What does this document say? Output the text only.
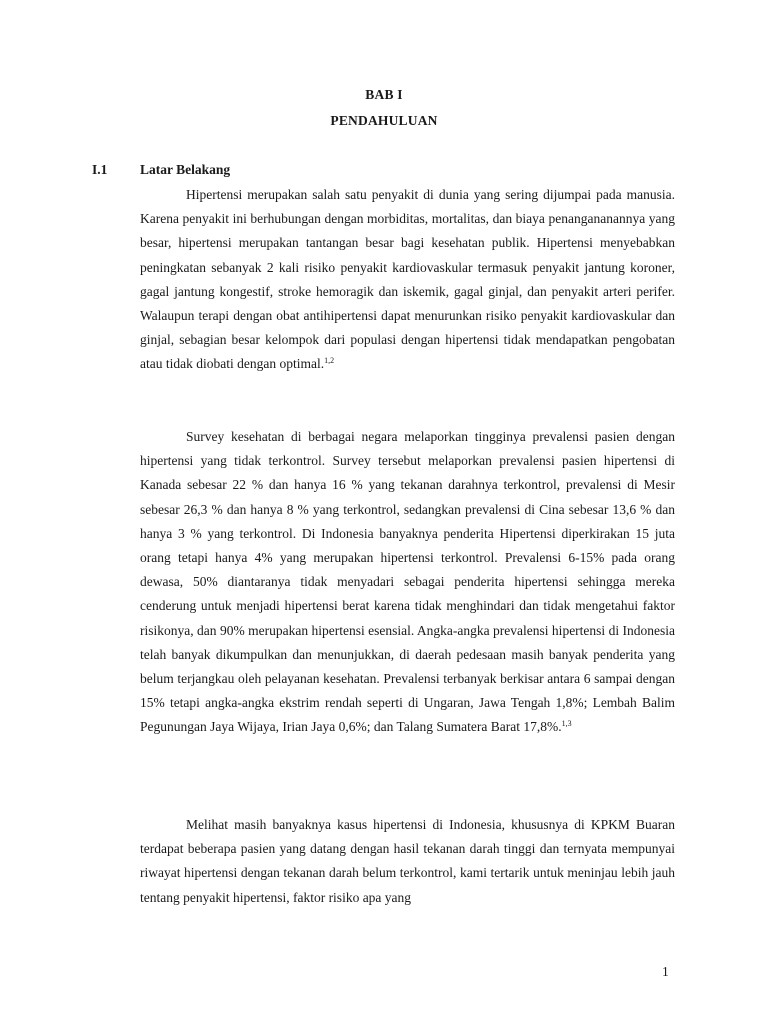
BAB I
PENDAHULUAN
I.1 Latar Belakang

Hipertensi merupakan salah satu penyakit di dunia yang sering dijumpai pada manusia. Karena penyakit ini berhubungan dengan morbiditas, mortalitas, dan biaya penangananannya yang besar, hipertensi merupakan tantangan besar bagi kesehatan publik. Hipertensi menyebabkan peningkatan sebanyak 2 kali risiko penyakit kardiovaskular termasuk penyakit jantung koroner, gagal jantung kongestif, stroke hemoragik dan iskemik, gagal ginjal, dan penyakit arteri perifer. Walaupun terapi dengan obat antihipertensi dapat menurunkan risiko penyakit kardiovaskular dan ginjal, sebagian besar kelompok dari populasi dengan hipertensi tidak mendapatkan pengobatan atau tidak diobati dengan optimal.$^{1,2}$

Survey kesehatan di berbagai negara melaporkan tingginya prevalensi pasien dengan hipertensi yang tidak terkontrol. Survey tersebut melaporkan prevalensi pasien hipertensi di Kanada sebesar 22 % dan hanya 16 % yang tekanan darahnya terkontrol, prevalensi di Mesir sebesar 26,3 % dan hanya 8 % yang terkontrol, sedangkan prevalensi di Cina sebesar 13,6 % dan hanya 3 % yang terkontrol. Di Indonesia banyaknya penderita Hipertensi diperkirakan 15 juta orang tetapi hanya 4% yang merupakan hipertensi terkontrol. Prevalensi 6-15% pada orang dewasa, 50% diantaranya tidak menyadari sebagai penderita hipertensi sehingga mereka cenderung untuk menjadi hipertensi berat karena tidak menghindari dan tidak mengetahui faktor risikonya, dan 90% merupakan hipertensi esensial. Angka-angka prevalensi hipertensi di Indonesia telah banyak dikumpulkan dan menunjukkan, di daerah pedesaan masih banyak penderita yang belum terjangkau oleh pelayanan kesehatan. Prevalensi terbanyak berkisar antara 6 sampai dengan 15% tetapi angka-angka ekstrim rendah seperti di Ungaran, Jawa Tengah 1,8%; Lembah Balim Pegunungan Jaya Wijaya, Irian Jaya 0,6%; dan Talang Sumatera Barat 17,8%.$^{1,3}$

Melihat masih banyaknya kasus hipertensi di Indonesia, khususnya di KPKM Buaran terdapat beberapa pasien yang datang dengan hasil tekanan darah tinggi dan ternyata mempunyai riwayat hipertensi dengan tekanan darah belum terkontrol, kami tertarik untuk meninjau lebih jauh tentang penyakit hipertensi, faktor risiko apa yang

1
